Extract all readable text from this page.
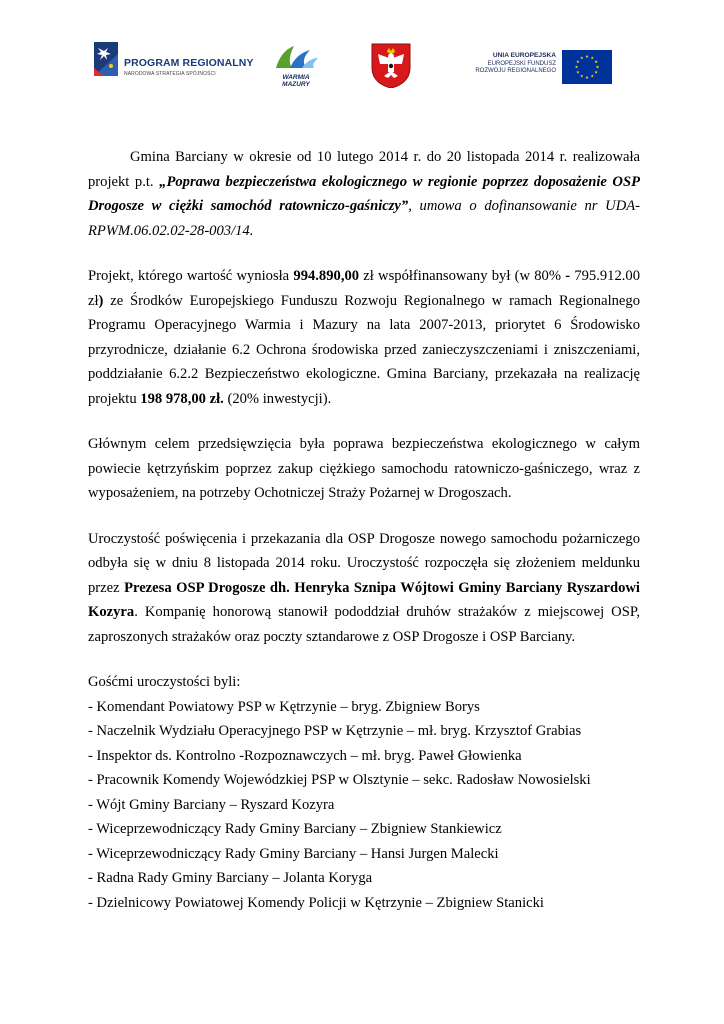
PROGRAM REGIONALNY
NARODOWA STRATEGIA SPÓJNOŚCI	WARMIA
MAZURY
UNIA EUROPEJSKA
EUROPEJSKI FUNDUSZ
ROZWOJU REGIONALNEGO

Gmina Barciany w okresie od 10 lutego 2014 r. do 20 listopada 2014 r. realizowała projekt p.t. „Poprawa bezpieczeństwa ekologicznego w regionie poprzez doposażenie OSP Drogosze w ciężki samochód ratowniczo-gaśniczy”, umowa o dofinansowanie nr UDA-RPWM.06.02.02-28-003/14.

Projekt, którego wartość wyniosła 994.890,00 zł współfinansowany był (w 80% - 795.912.00 zł) ze Środków Europejskiego Funduszu Rozwoju Regionalnego w ramach Regionalnego Programu Operacyjnego Warmia i Mazury na lata 2007-2013, priorytet 6 Środowisko przyrodnicze, działanie 6.2 Ochrona środowiska przed zanieczyszczeniami i zniszczeniami, poddziałanie 6.2.2 Bezpieczeństwo ekologiczne. Gmina Barciany, przekazała na realizację projektu 198 978,00 zł. (20% inwestycji).

Głównym celem przedsięwzięcia była poprawa bezpieczeństwa ekologicznego w całym powiecie kętrzyńskim poprzez zakup ciężkiego samochodu ratowniczo-gaśniczego, wraz z wyposażeniem, na potrzeby Ochotniczej Straży Pożarnej w Drogoszach.

Uroczystość poświęcenia i przekazania dla OSP Drogosze nowego samochodu pożarniczego odbyła się w dniu 8 listopada 2014 roku. Uroczystość rozpoczęła się złożeniem meldunku przez Prezesa OSP Drogosze dh. Henryka Sznipa Wójtowi Gminy Barciany Ryszardowi Kozyra. Kompanię honorową stanowił pododdział druhów strażaków z miejscowej OSP, zaproszonych strażaków oraz poczty sztandarowe z OSP Drogosze i OSP Barciany.

Gośćmi uroczystości byli:
- Komendant Powiatowy PSP w Kętrzynie – bryg. Zbigniew Borys
- Naczelnik Wydziału Operacyjnego PSP w Kętrzynie – mł. bryg. Krzysztof Grabias
- Inspektor ds. Kontrolno -Rozpoznawczych – mł. bryg. Paweł Głowienka
- Pracownik Komendy Wojewódzkiej PSP w Olsztynie – sekc. Radosław Nowosielski
- Wójt Gminy Barciany – Ryszard Kozyra
- Wiceprzewodniczący Rady Gminy Barciany – Zbigniew Stankiewicz
- Wiceprzewodniczący Rady Gminy Barciany – Hansi Jurgen Malecki
- Radna Rady Gminy Barciany – Jolanta Koryga
- Dzielnicowy Powiatowej Komendy Policji w Kętrzynie – Zbigniew Stanicki
